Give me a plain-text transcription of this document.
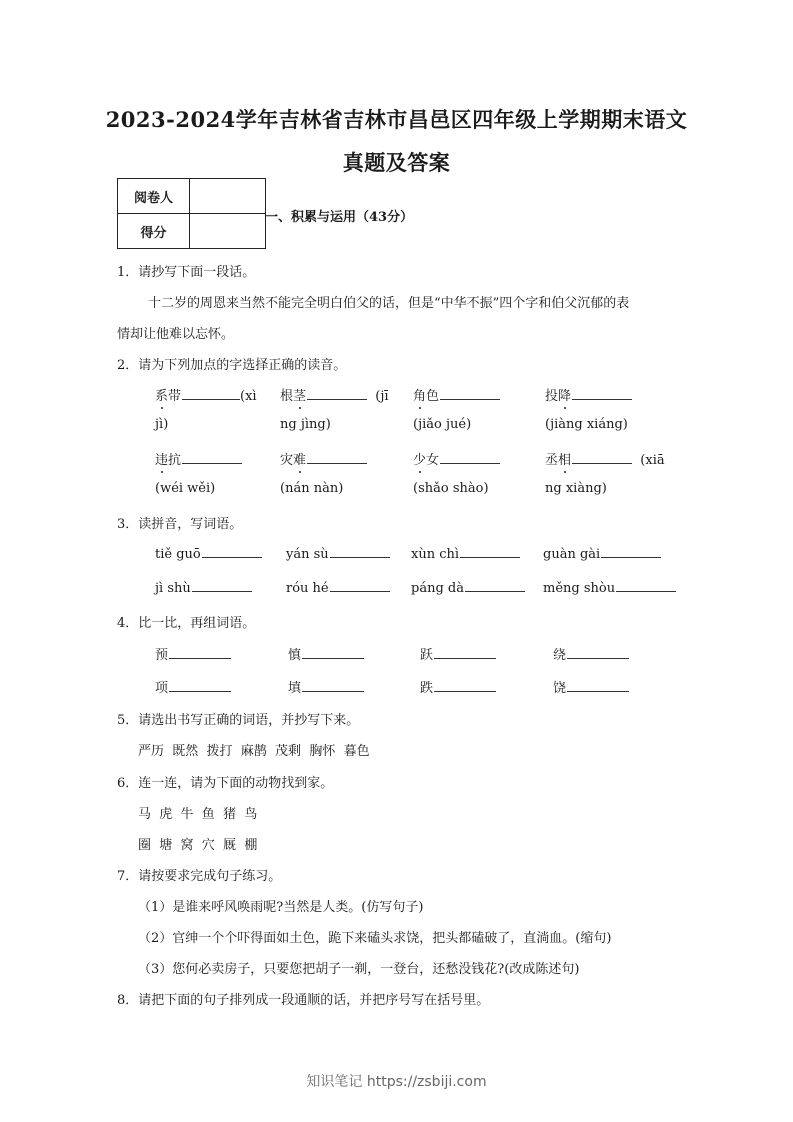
2023-2024学年吉林省吉林市昌邑区四年级上学期期末语文
真题及答案
阅卷人	
得分	
一、积累与运用（43分）
1．请抄写下面一段话。
十二岁的周恩来当然不能完全明白伯父的话，但是“中华不振”四个字和伯父沉郁的表
情却让他难以忘怀。
2．请为下列加点的字选择正确的读音。
系带	(xì 根茎	(jī 角色	投降
jì)	ng jìng)	(jiǎo jué)	(jiàng xiáng)
违抗	灾难	少女	丞相	(xiā
(wéi wěi)	(nán nàn)	(shǎo shào)	ng xiàng)
3．读拼音，写词语。
tiě guō	yán sù	xùn chì	guàn gài
jì shù	róu hé	páng dà	měng shòu
4．比一比，再组词语。
预	慎	跃	绕
项	填	跌	饶
5．请选出书写正确的词语，并抄写下来。
严历  既然  拨打  麻鹊  茂剩  胸怀  暮色
6．连一连，请为下面的动物找到家。
马  虎  牛  鱼  猪  鸟
圈  塘  窝  穴  厩  棚
7．请按要求完成句子练习。
（1）是谁来呼风唤雨呢?当然是人类。(仿写句子)
（2）官绅一个个吓得面如土色，跪下来磕头求饶，把头都磕破了，直淌血。(缩句)
（3）您何必卖房子，只要您把胡子一剃，一登台，还愁没钱花?(改成陈述句)
8．请把下面的句子排列成一段通顺的话，并把序号写在括号里。
知识笔记 https://zsbiji.com
